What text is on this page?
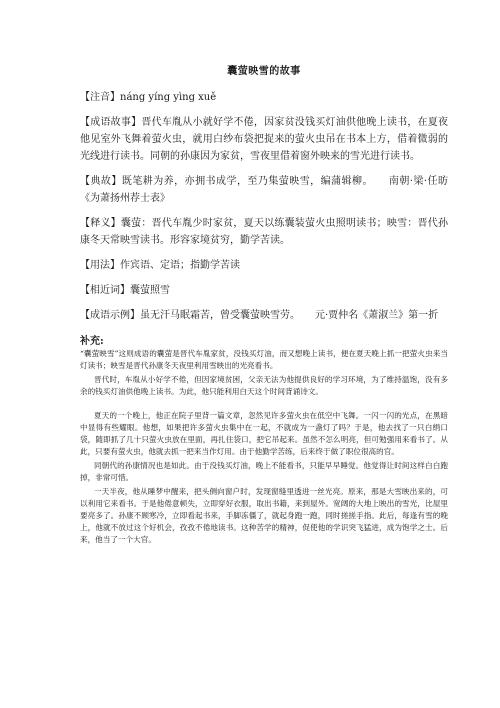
囊萤映雪的故事

【注音】náng yíng yìng xuě

【成语故事】晋代车胤从小就好学不倦，因家贫没钱买灯油供他晚上读书，在夏夜他见室外飞舞着萤火虫，就用白纱布袋把捉来的萤火虫吊在书本上方，借着微弱的光线进行读书。同朝的孙康因为家贫，雪夜里借着窗外映来的雪光进行读书。

【典故】既笔耕为养，亦拥书成学，至乃集萤映雪，编蒲辑柳。　　南朝·梁·任昉《为萧扬州荐士表》

【释义】囊萤：晋代车胤少时家贫，夏天以练囊装萤火虫照明读书；映雪：晋代孙康冬天常映雪读书。形容家境贫穷，勤学苦读。

【用法】作宾语、定语；指勤学苦读

【相近词】囊萤照雪

【成语示例】虽无汗马眠霜苦，曾受囊萤映雪劳。　　元·贾仲名《萧淑兰》第一折

补充:

“囊萤映雪”这则成语的囊萤是晋代车胤家贫，没钱买灯油，而又想晚上读书，便在夏天晚上抓一把萤火虫来当灯读书；映雪是晋代孙康冬天夜里利用雪映出的光亮看书。

晋代时，车胤从小好学不倦，但因家境贫困，父亲无法为他提供良好的学习环境，为了维持温饱，没有多余的钱买灯油供他晚上读书。为此，他只能利用白天这个时间背诵诗文。

夏天的一个晚上，他正在院子里背一篇文章，忽然见许多萤火虫在低空中飞舞。一闪一闪的光点，在黑暗中显得有些耀眼。他想，如果把许多萤火虫集中在一起，不就成为一盏灯了吗？于是，他去找了一只白绢口袋，随即抓了几十只萤火虫放在里面，再扎住袋口，把它吊起来。虽然不怎么明亮，但可勉强用来看书了。从此，只要有萤火虫，他就去抓一把来当作灯用。由于他勤学苦练，后来终于做了职位很高的官。

同朝代的孙康情况也是如此。由于没钱买灯油，晚上不能看书，只能早早睡觉。他觉得让时间这样白白跑掉，非常可惜。

一天半夜，他从睡梦中醒来，把头侧向窗户时，发现窗缝里透进一丝光亮。原来，那是大雪映出来的，可以利用它来看书。于是他倦意顿失，立即穿好衣服，取出书籍，来到屋外。宽阔的大地上映出的雪光，比屋里要亮多了。孙康不顾寒冷，立即看起书来，手脚冻僵了，就起身跑一跑，同时搓搓手指。此后，每逢有雪的晚上，他就不放过这个好机会，孜孜不倦地读书。这种苦学的精神，促使他的学识突飞猛进，成为饱学之士。后来，他当了一个大官。
